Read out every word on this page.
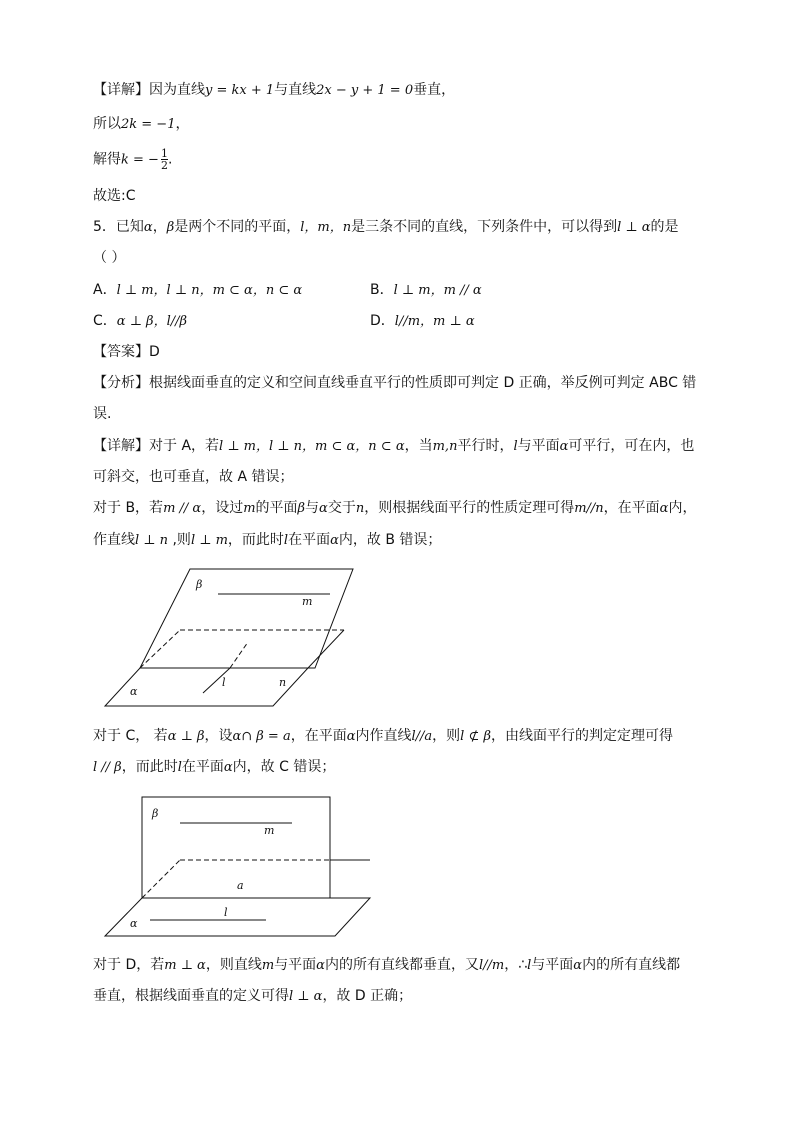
【详解】因为直线y = kx + 1与直线2x − y + 1 = 0垂直，
所以2k = −1，
解得k = − $\frac{1}{2}$ .
故选:C
5．已知α，β是两个不同的平面，l，m，n是三条不同的直线，下列条件中，可以得到l ⊥ α的是
（ ）
A．l ⊥ m，l ⊥ n，m ⊂ α，n ⊂ α	B．l ⊥ m，m // α
C．α ⊥ β，l//β	D．l//m，m ⊥ α
【答案】D
【分析】根据线面垂直的定义和空间直线垂直平行的性质即可判定 D 正确，举反例可判定 ABC 错
误.
【详解】对于 A，若l ⊥ m，l ⊥ n，m ⊂ α，n ⊂ α，当m,n平行时，l与平面α可平行，可在内，也
可斜交，也可垂直，故 A 错误；
对于 B，若m // α，设过m的平面β与α交于n，则根据线面平行的性质定理可得m//n，在平面α内，
作直线l ⊥ n ,则l ⊥ m，而此时l在平面α内，故 B 错误；
β
m
α
l	n
对于 C， 若α ⊥ β，设α∩ β = a，在平面α内作直线l//a，则l ⊄ β，由线面平行的判定定理可得
l // β，而此时l在平面α内，故 C 错误；
β
m
a
α
l
对于 D，若m ⊥ α，则直线m与平面α内的所有直线都垂直，又l//m，∴l与平面α内的所有直线都
垂直，根据线面垂直的定义可得l ⊥ α，故 D 正确；
